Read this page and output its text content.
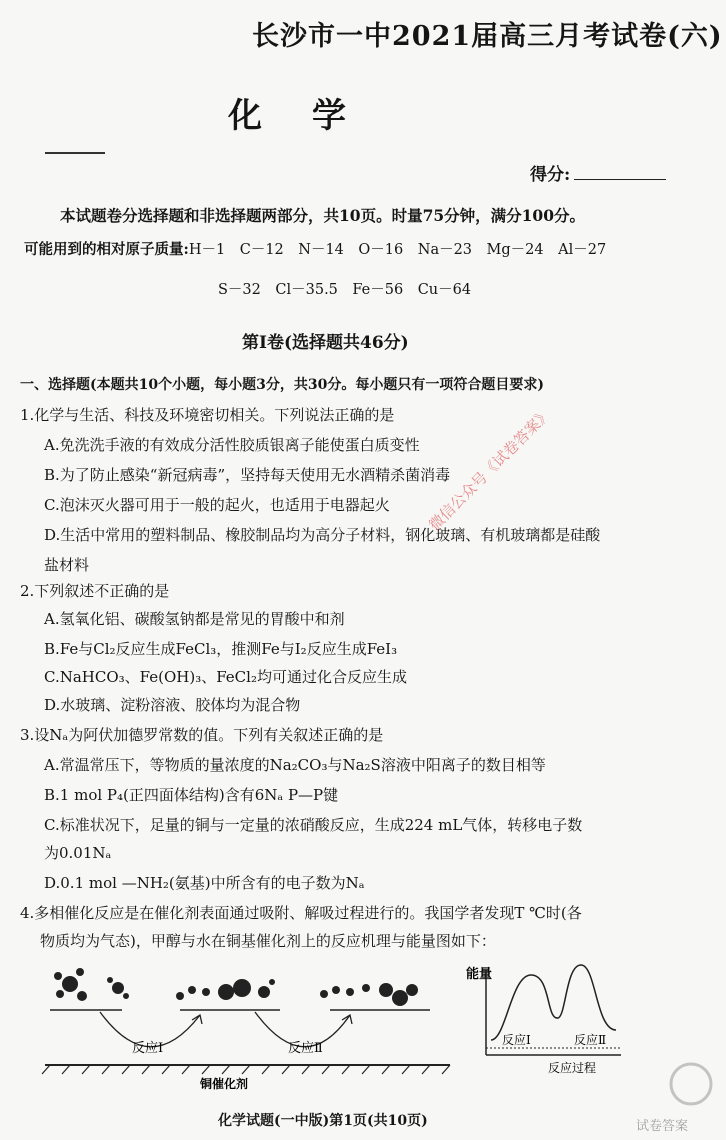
长沙市一中2021届高三月考试卷(六)
化学
得分:
本试题卷分选择题和非选择题两部分，共10页。时量75分钟，满分100分。
可能用到的相对原子质量:H－1　C－12　N－14　O－16　Na－23　Mg－24　Al－27
S－32　Cl－35.5　Fe－56　Cu－64
第Ⅰ卷(选择题共46分)
一、选择题(本题共10个小题，每小题3分，共30分。每小题只有一项符合题目要求)
1.化学与生活、科技及环境密切相关。下列说法正确的是
A.免洗洗手液的有效成分活性胶质银离子能使蛋白质变性
B.为了防止感染“新冠病毒”，坚持每天使用无水酒精杀菌消毒
C.泡沫灭火器可用于一般的起火，也适用于电器起火
D.生活中常用的塑料制品、橡胶制品均为高分子材料，钢化玻璃、有机玻璃都是硅酸
盐材料
2.下列叙述不正确的是
A.氢氧化铝、碳酸氢钠都是常见的胃酸中和剂
B.Fe与Cl₂反应生成FeCl₃，推测Fe与I₂反应生成FeI₃
C.NaHCO₃、Fe(OH)₃、FeCl₂均可通过化合反应生成
D.水玻璃、淀粉溶液、胶体均为混合物
3.设Nₐ为阿伏加德罗常数的值。下列有关叙述正确的是
A.常温常压下，等物质的量浓度的Na₂CO₃与Na₂S溶液中阳离子的数目相等
B.1 mol P₄(正四面体结构)含有6Nₐ P—P键
C.标准状况下，足量的铜与一定量的浓硝酸反应，生成224 mL气体，转移电子数
为0.01Nₐ
D.0.1 mol —NH₂(氨基)中所含有的电子数为Nₐ
4.多相催化反应是在催化剂表面通过吸附、解吸过程进行的。我国学者发现T ℃时(各
物质均为气态)，甲醇与水在铜基催化剂上的反应机理与能量图如下：
反应Ⅰ	反应Ⅱ
铜催化剂
能量
反应Ⅰ	反应Ⅱ
反应过程
微信公众号《试卷答案》
化学试题(一中版)第1页(共10页)	试卷答案
